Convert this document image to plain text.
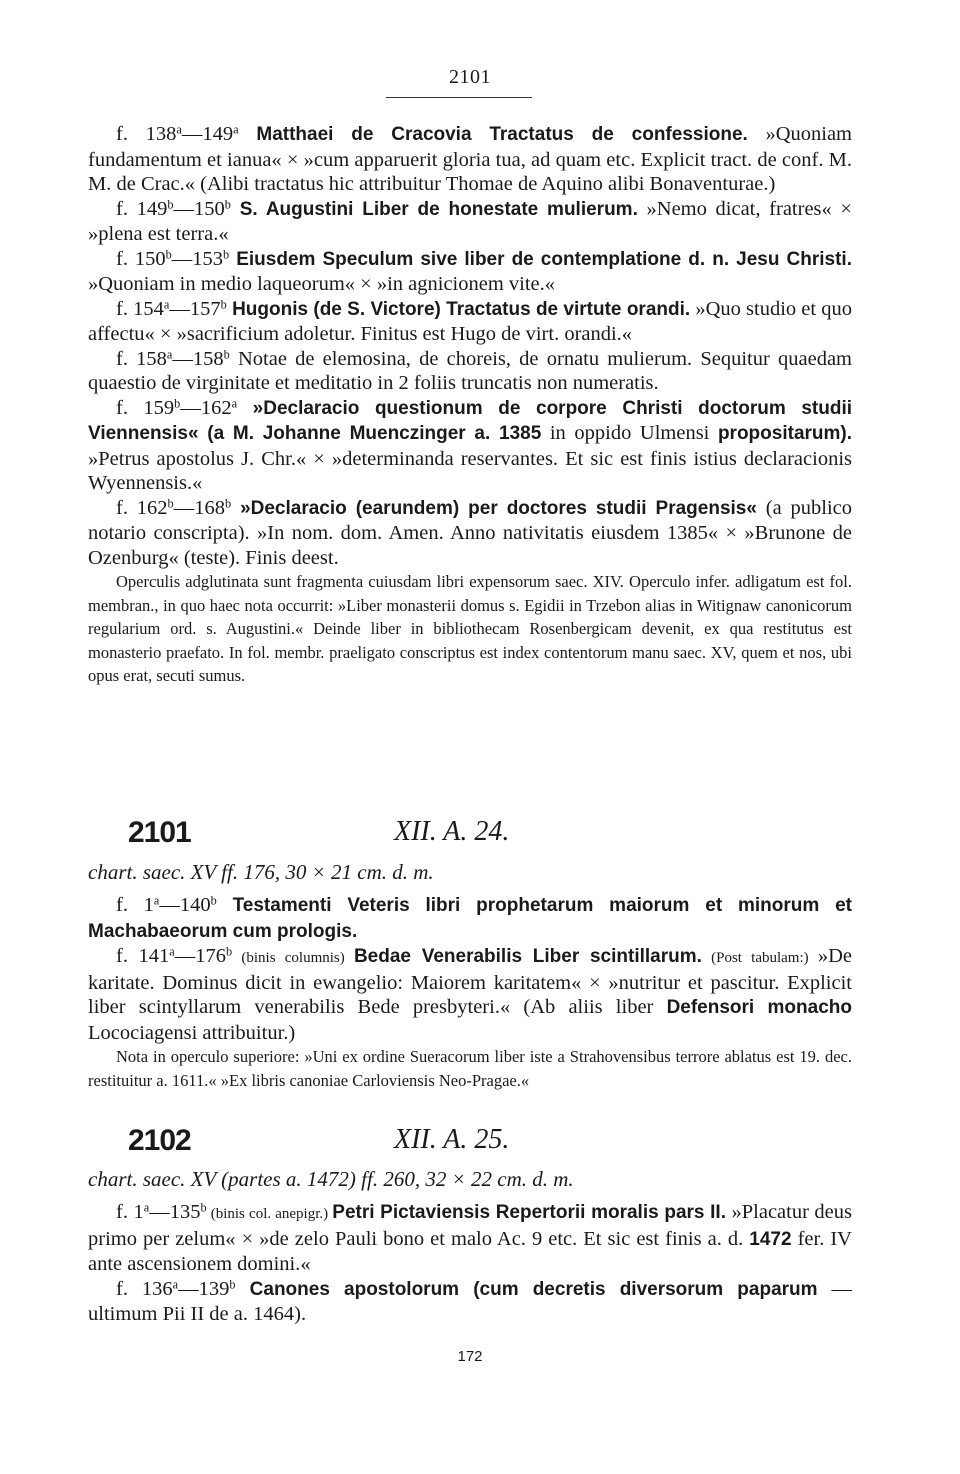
2101

f. 138$^a$—149$^a$ Matthaei de Cracovia Tractatus de confessione. »Quoniam fundamentum et ianua« × »cum apparuerit gloria tua, ad quam etc. Explicit tract. de conf. M. M. de Crac.« (Alibi tractatus hic attribuitur Thomae de Aquino alibi Bonaventurae.)

f. 149$^b$—150$^b$ S. Augustini Liber de honestate mulierum. »Nemo dicat, fratres« × »plena est terra.«

f. 150$^b$—153$^b$ Eiusdem Speculum sive liber de contemplatione d. n. Jesu Christi. »Quoniam in medio laqueorum« × »in agnicionem vite.«

f. 154$^a$—157$^b$ Hugonis (de S. Victore) Tractatus de virtute orandi. »Quo studio et quo affectu« × »sacrificium adoletur. Finitus est Hugo de virt. orandi.«

f. 158$^a$—158$^b$ Notae de elemosina, de choreis, de ornatu mulierum. Sequitur quaedam quaestio de virginitate et meditatio in 2 foliis truncatis non numeratis.

f. 159$^b$—162$^a$ »Declaracio questionum de corpore Christi doctorum studii Viennensis« (a M. Johanne Muenczinger a. 1385 in oppido Ulmensi propositarum). »Petrus apostolus J. Chr.« × »determinanda reservantes. Et sic est finis istius declaracionis Wyennensis.«

f. 162$^b$—168$^b$ »Declaracio (earundem) per doctores studii Pragensis« (a publico notario conscripta). »In nom. dom. Amen. Anno nativitatis eiusdem 1385« × »Brunone de Ozenburg« (teste). Finis deest.

Operculis adglutinata sunt fragmenta cuiusdam libri expensorum saec. XIV. Operculo infer. adligatum est fol. membran., in quo haec nota occurrit: »Liber monasterii domus s. Egidii in Trzebon alias in Witignaw canonicorum regularium ord. s. Augustini.« Deinde liber in bibliothecam Rosenbergicam devenit, ex qua restitutus est monasterio praefato. In fol. membr. praeligato conscriptus est index contentorum manu saec. XV, quem et nos, ubi opus erat, secuti sumus.

2101	XII. A. 24.
chart. saec. XV ff. 176, 30 × 21 cm. d. m.

f. 1$^a$—140$^b$ Testamenti Veteris libri prophetarum maiorum et minorum et Machabaeorum cum prologis.

f. 141$^a$—176$^b$ (binis columnis) Bedae Venerabilis Liber scintillarum. (Post tabulam:) »De karitate. Dominus dicit in ewangelio: Maiorem karitatem« × »nutritur et pascitur. Explicit liber scintyllarum venerabilis Bede presbyteri.« (Ab aliis liber Defensori monacho Locociagensi attribuitur.)

Nota in operculo superiore: »Uni ex ordine Sueracorum liber iste a Strahovensibus terrore ablatus est 19. dec. restituitur a. 1611.« »Ex libris canoniae Carloviensis Neo-Pragae.«

2102	XII. A. 25.
chart. saec. XV (partes a. 1472) ff. 260, 32 × 22 cm. d. m.

f. 1$^a$—135$^b$ (binis col. anepigr.) Petri Pictaviensis Repertorii moralis pars II. »Placatur deus primo per zelum« × »de zelo Pauli bono et malo Ac. 9 etc. Et sic est finis a. d. 1472 fer. IV ante ascensionem domini.«

f. 136$^a$—139$^b$ Canones apostolorum (cum decretis diversorum paparum — ultimum Pii II de a. 1464).

172
